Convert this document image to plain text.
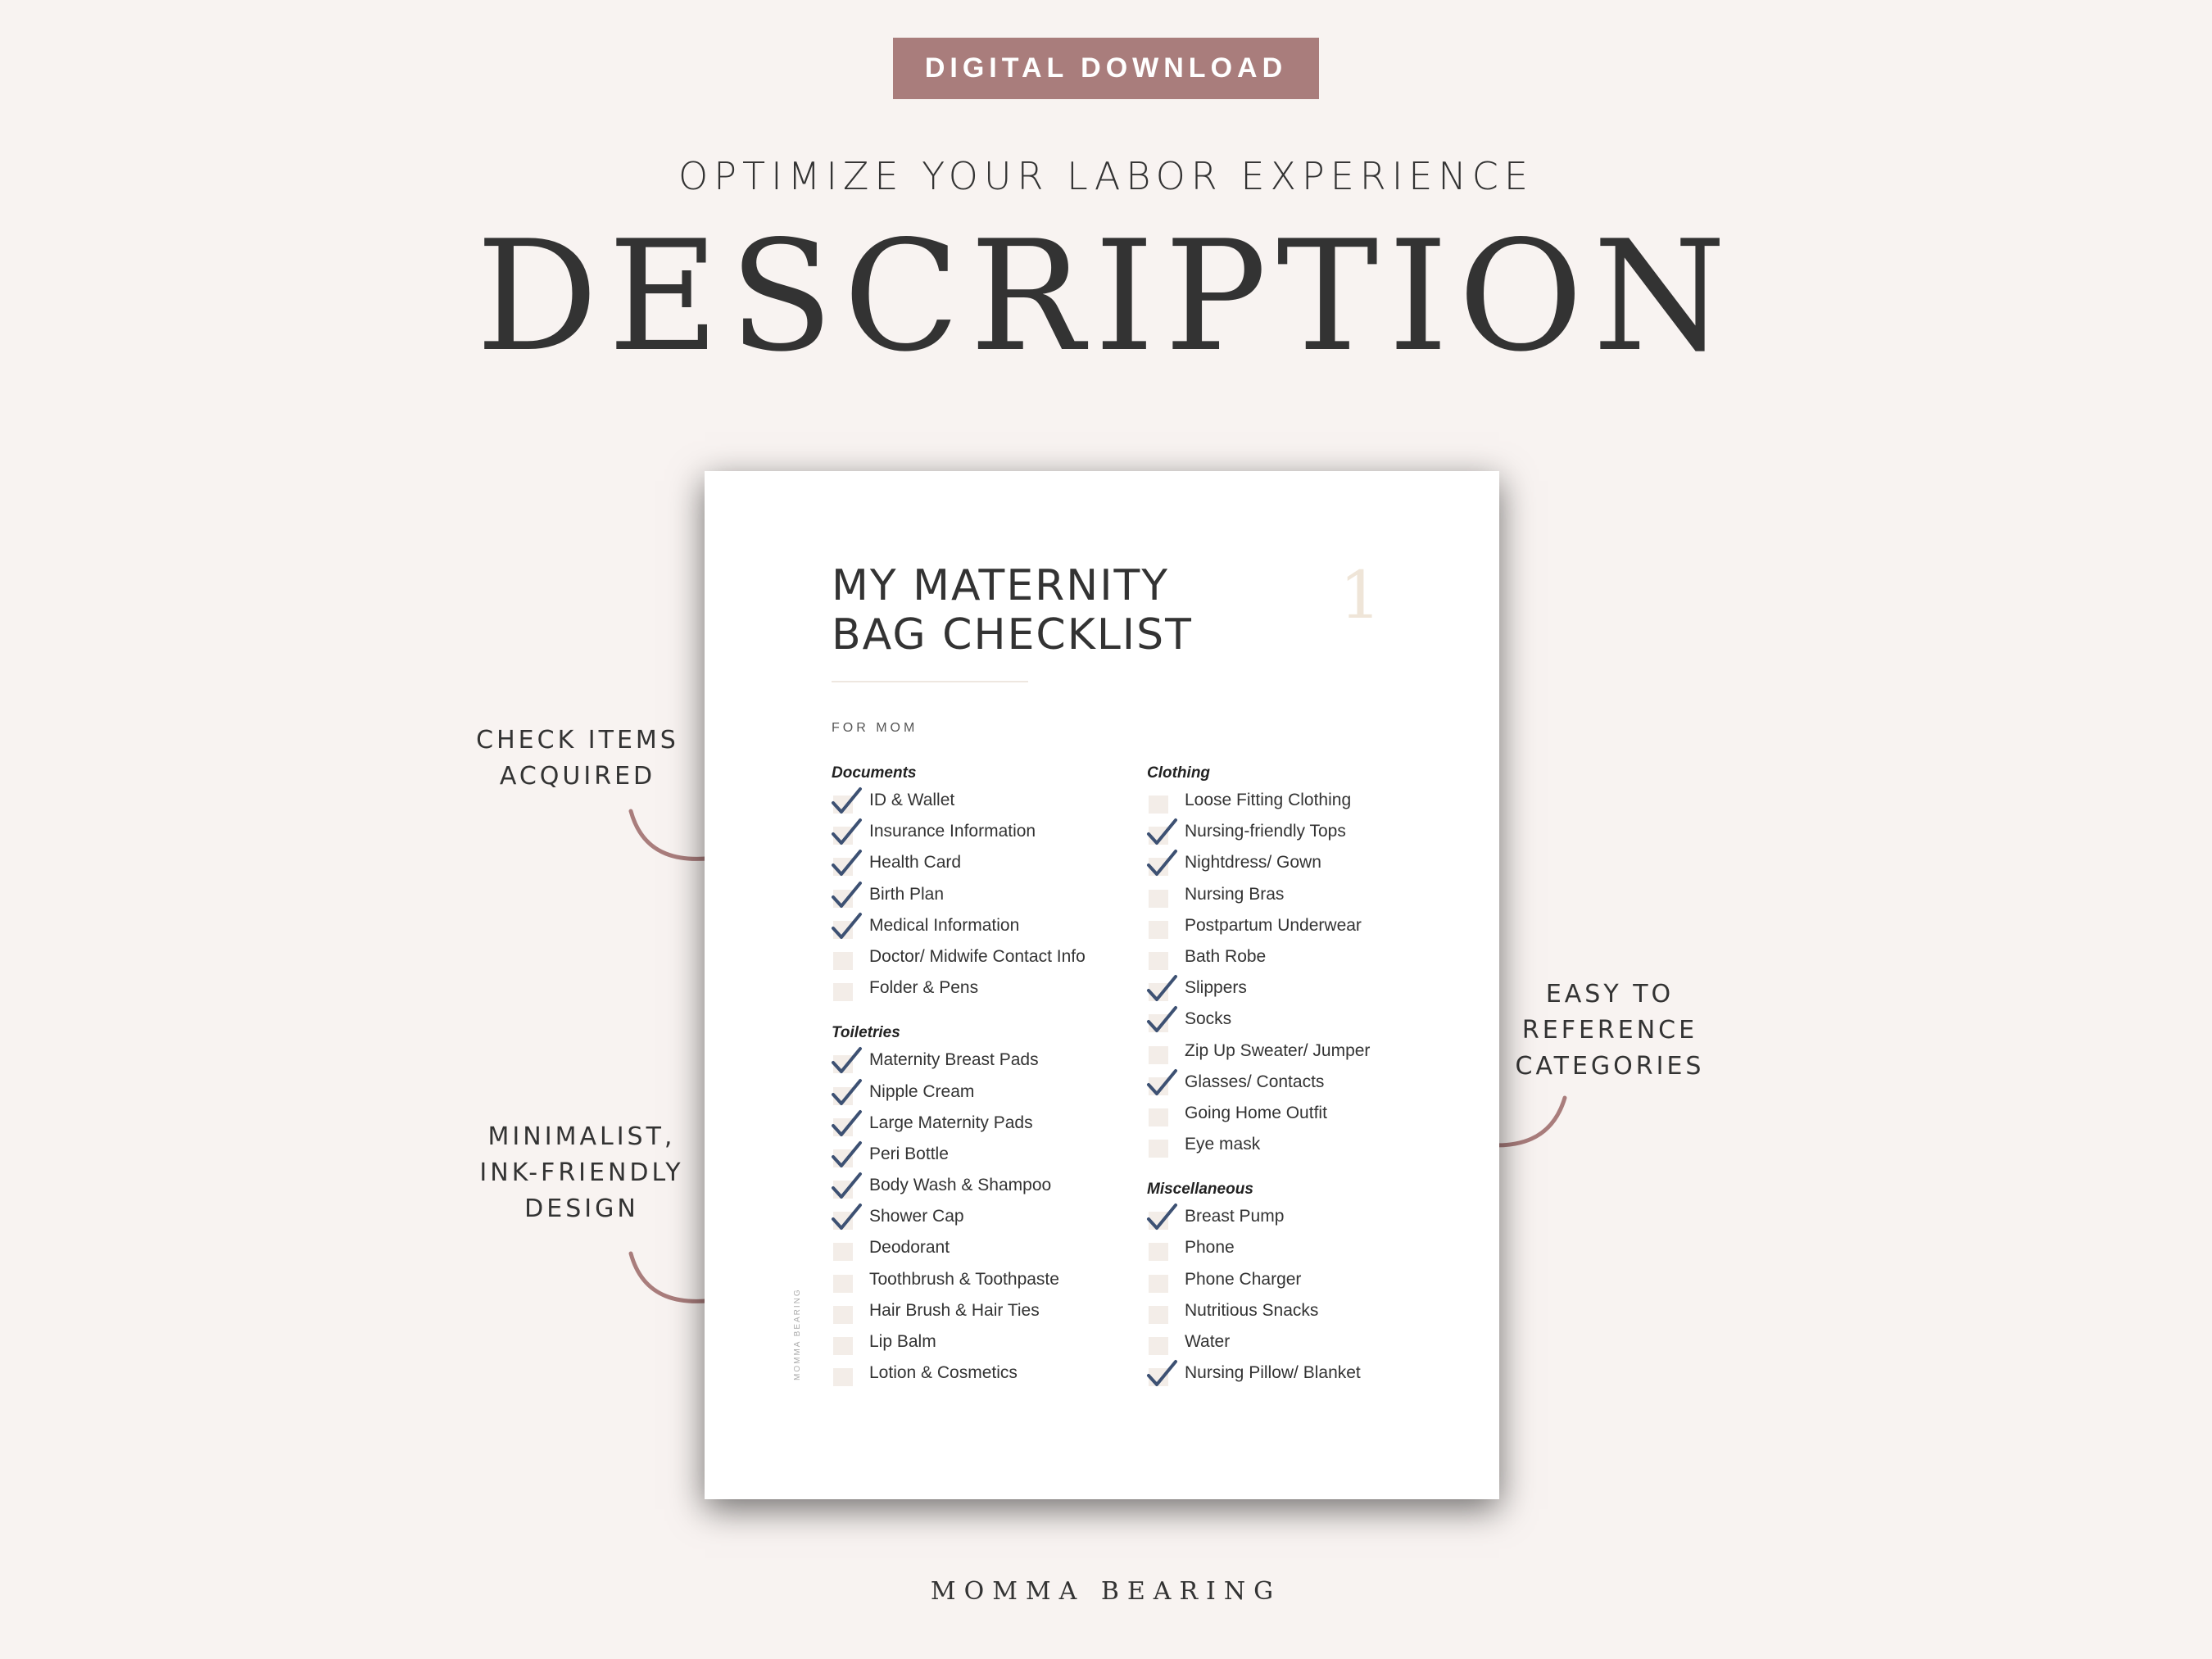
DIGITAL DOWNLOAD
OPTIMIZE YOUR LABOR EXPERIENCE
DESCRIPTION
CHECK ITEMS
ACQUIRED
MINIMALIST,
INK-FRIENDLY
DESIGN
EASY TO
REFERENCE
CATEGORIES
MY MATERNITY
BAG CHECKLIST
1
FOR MOM
Documents
ID & Wallet
Insurance Information
Health Card
Birth Plan
Medical Information
Doctor/ Midwife Contact Info
Folder & Pens
Toiletries
Maternity Breast Pads
Nipple Cream
Large Maternity Pads
Peri Bottle
Body Wash & Shampoo
Shower Cap
Deodorant
Toothbrush & Toothpaste
Hair Brush & Hair Ties
Lip Balm
Lotion & Cosmetics
Clothing
Loose Fitting Clothing
Nursing-friendly Tops
Nightdress/ Gown
Nursing Bras
Postpartum Underwear
Bath Robe
Slippers
Socks
Zip Up Sweater/ Jumper
Glasses/ Contacts
Going Home Outfit
Eye mask
Miscellaneous
Breast Pump
Phone
Phone Charger
Nutritious Snacks
Water
Nursing Pillow/ Blanket
MOMMA BEARING
MOMMA BEARING
